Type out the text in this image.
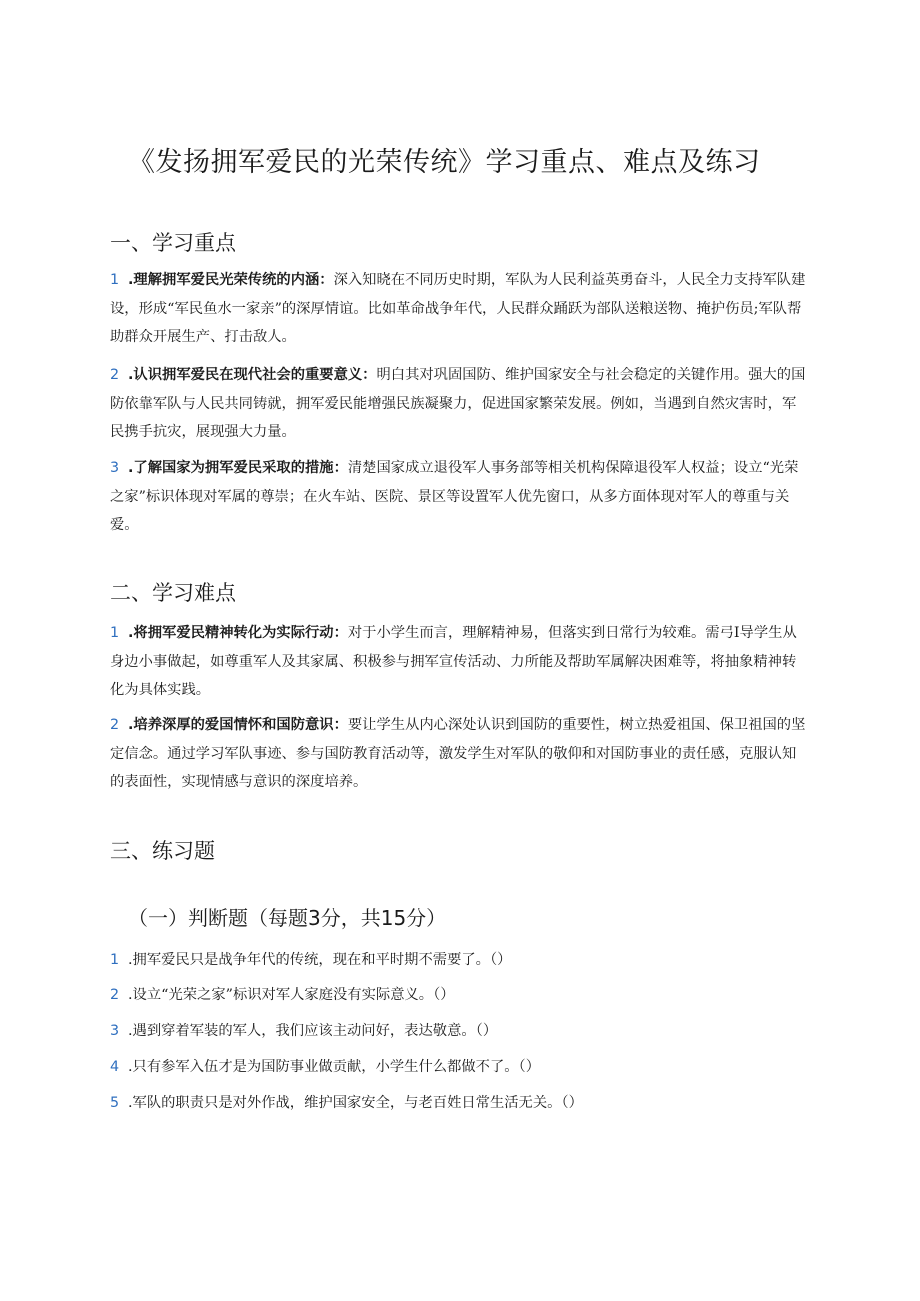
《发扬拥军爱民的光荣传统》学习重点、难点及练习
一、学习重点

1 .理解拥军爱民光荣传统的内涵：深入知晓在不同历史时期，军队为人民利益英勇奋斗，人民全力支持军队建设，形成“军民鱼水一家亲”的深厚情谊。比如革命战争年代，人民群众踊跃为部队送粮送物、掩护伤员;军队帮助群众开展生产、打击敌人。

2 .认识拥军爱民在现代社会的重要意义：明白其对巩固国防、维护国家安全与社会稳定的关键作用。强大的国防依靠军队与人民共同铸就，拥军爱民能增强民族凝聚力，促进国家繁荣发展。例如，当遇到自然灾害时，军民携手抗灾，展现强大力量。

3 .了解国家为拥军爱民采取的措施：清楚国家成立退役军人事务部等相关机构保障退役军人权益；设立“光荣之家”标识体现对军属的尊崇；在火车站、医院、景区等设置军人优先窗口，从多方面体现对军人的尊重与关爱。

二、学习难点

1 .将拥军爱民精神转化为实际行动：对于小学生而言，理解精神易，但落实到日常行为较难。需弓I导学生从身边小事做起，如尊重军人及其家属、积极参与拥军宣传活动、力所能及帮助军属解决困难等，将抽象精神转化为具体实践。

2 .培养深厚的爱国情怀和国防意识：要让学生从内心深处认识到国防的重要性，树立热爱祖国、保卫祖国的坚定信念。通过学习军队事迹、参与国防教育活动等，激发学生对军队的敬仰和对国防事业的责任感，克服认知的表面性，实现情感与意识的深度培养。

三、练习题
（一）判断题（每题3分，共15分）

1 .拥军爱民只是战争年代的传统，现在和平时期不需要了。（）

2 .设立“光荣之家”标识对军人家庭没有实际意义。（）

3 .遇到穿着军装的军人，我们应该主动问好，表达敬意。（）

4 .只有参军入伍才是为国防事业做贡献，小学生什么都做不了。（）

5 .军队的职责只是对外作战，维护国家安全，与老百姓日常生活无关。（）
